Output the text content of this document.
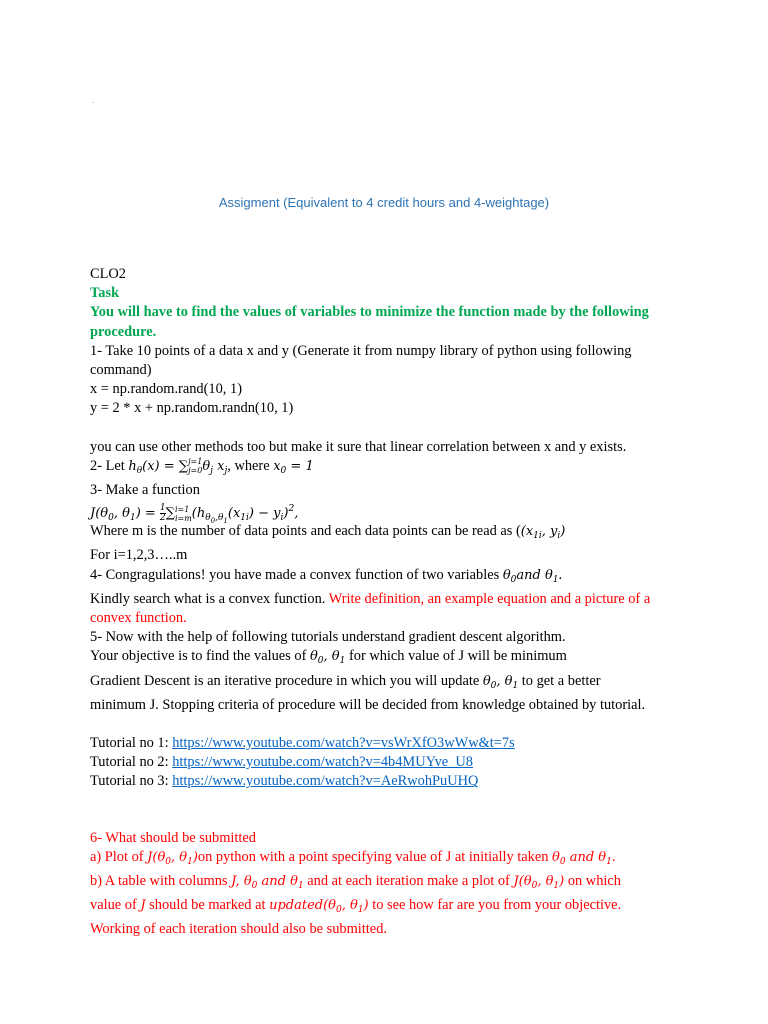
.
Assigment (Equivalent to 4 credit hours and 4-weightage)
CLO2
Task
You will have to find the values of variables to minimize the function made by the following
procedure.
1- Take 10 points of a data x and y (Generate it from numpy library of python using following
command)
x = np.random.rand(10, 1)
y = 2 * x + np.random.randn(10, 1)
you can use other methods too but make it sure that linear correlation between x and y exists.
2- Let $h_\theta(x)$ = ∑ j=1
j=0 $\theta_j$ $x_j$, where $x_0 = 1$
3- Make a function
$J(\theta_0$, $\theta_1) = \frac{1}{2}$ ∑ i=1
i=m $(h_{\theta_0,\theta_1}(x_{1i}) - y_i)^2$,
Where m is the number of data points and each data points can be read as (($x_{1i}$, $y_i$)
For i=1,2,3…..m
4- Congragulations! you have made a convex function of two variables $\theta_0and$ $\theta_1$.
Kindly search what is a convex function. Write definition, an example equation and a picture of a
convex function.
5- Now with the help of following tutorials understand gradient descent algorithm.
Your objective is to find the values of $\theta_0$, $\theta_1$ for which value of J will be minimum
Gradient Descent is an iterative procedure in which you will update $\theta_0$, $\theta_1$ to get a better
minimum J. Stopping criteria of procedure will be decided from knowledge obtained by tutorial.
Tutorial no 1: https://www.youtube.com/watch?v=vsWrXfO3wWw&t=7s
Tutorial no 2: https://www.youtube.com/watch?v=4b4MUYve_U8
Tutorial no 3: https://www.youtube.com/watch?v=AeRwohPuUHQ
6- What should be submitted
a) Plot of $J(\theta_0$, $\theta_1)on$ python with a point specifying value of J at initially taken $\theta_0$ and $\theta_1$.
b) A table with columns J, $\theta_0$ and $\theta_1$ and at each iteration make a plot of $J(\theta_0$, $\theta_1$) on which
value of J should be marked at $updated(\theta_0$, $\theta_1$) to see how far are you from your objective.
Working of each iteration should also be submitted.
